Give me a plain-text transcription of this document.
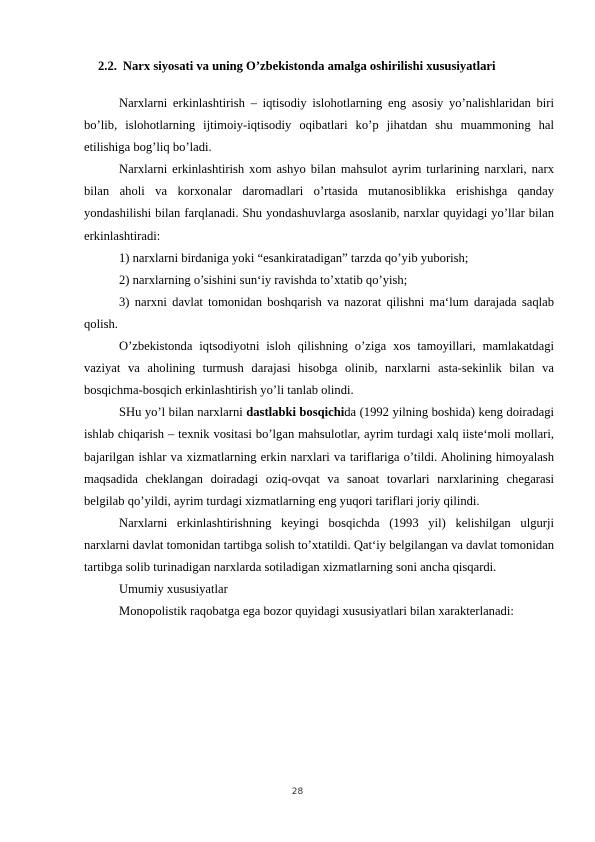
2.2. Narx siyosati va uning O’zbekistonda amalga oshirilishi xususiyatlari

Narxlarni erkinlashtirish – iqtisodiy islohotlarning eng asosiy yo’nalishlaridan biri bo’lib, islohotlarning ijtimoiy-iqtisodiy oqibatlari ko’p jihatdan shu muammoning hal etilishiga bog’liq bo’ladi.

Narxlarni erkinlashtirish xom ashyo bilan mahsulot ayrim turlarining narxlari, narx bilan aholi va korxonalar daromadlari o’rtasida mutanosiblikka erishishga qanday yondashilishi bilan farqlanadi. Shu yondashuvlarga asoslanib, narxlar quyidagi yo’llar bilan erkinlashtiradi:

1) narxlarni birdaniga yoki “esankiratadigan” tarzda qo’yib yuborish;

2) narxlarning o’sishini sun‘iy ravishda to’xtatib qo’yish;

3) narxni davlat tomonidan boshqarish va nazorat qilishni ma‘lum darajada saqlab qolish.

O’zbekistonda iqtsodiyotni isloh qilishning o’ziga xos tamoyillari, mamlakatdagi vaziyat va aholining turmush darajasi hisobga olinib, narxlarni asta-sekinlik bilan va bosqichma-bosqich erkinlashtirish yo’li tanlab olindi.

SHu yo’l bilan narxlarni dastlabki bosqichida (1992 yilning boshida) keng doiradagi ishlab chiqarish – texnik vositasi bo’lgan mahsulotlar, ayrim turdagi xalq iiste‘moli mollari, bajarilgan ishlar va xizmatlarning erkin narxlari va tariflariga o’tildi. Aholining himoyalash maqsadida cheklangan doiradagi oziq-ovqat va sanoat tovarlari narxlarining chegarasi belgilab qo’yildi, ayrim turdagi xizmatlarning eng yuqori tariflari joriy qilindi.

Narxlarni erkinlashtirishning keyingi bosqichda (1993 yil) kelishilgan ulgurji narxlarni davlat tomonidan tartibga solish to’xtatildi. Qat‘iy belgilangan va davlat tomonidan tartibga solib turinadigan narxlarda sotiladigan xizmatlarning soni ancha qisqardi.

Umumiy xususiyatlar

Monopolistik raqobatga ega bozor quyidagi xususiyatlari bilan xarakterlanadi:

28
